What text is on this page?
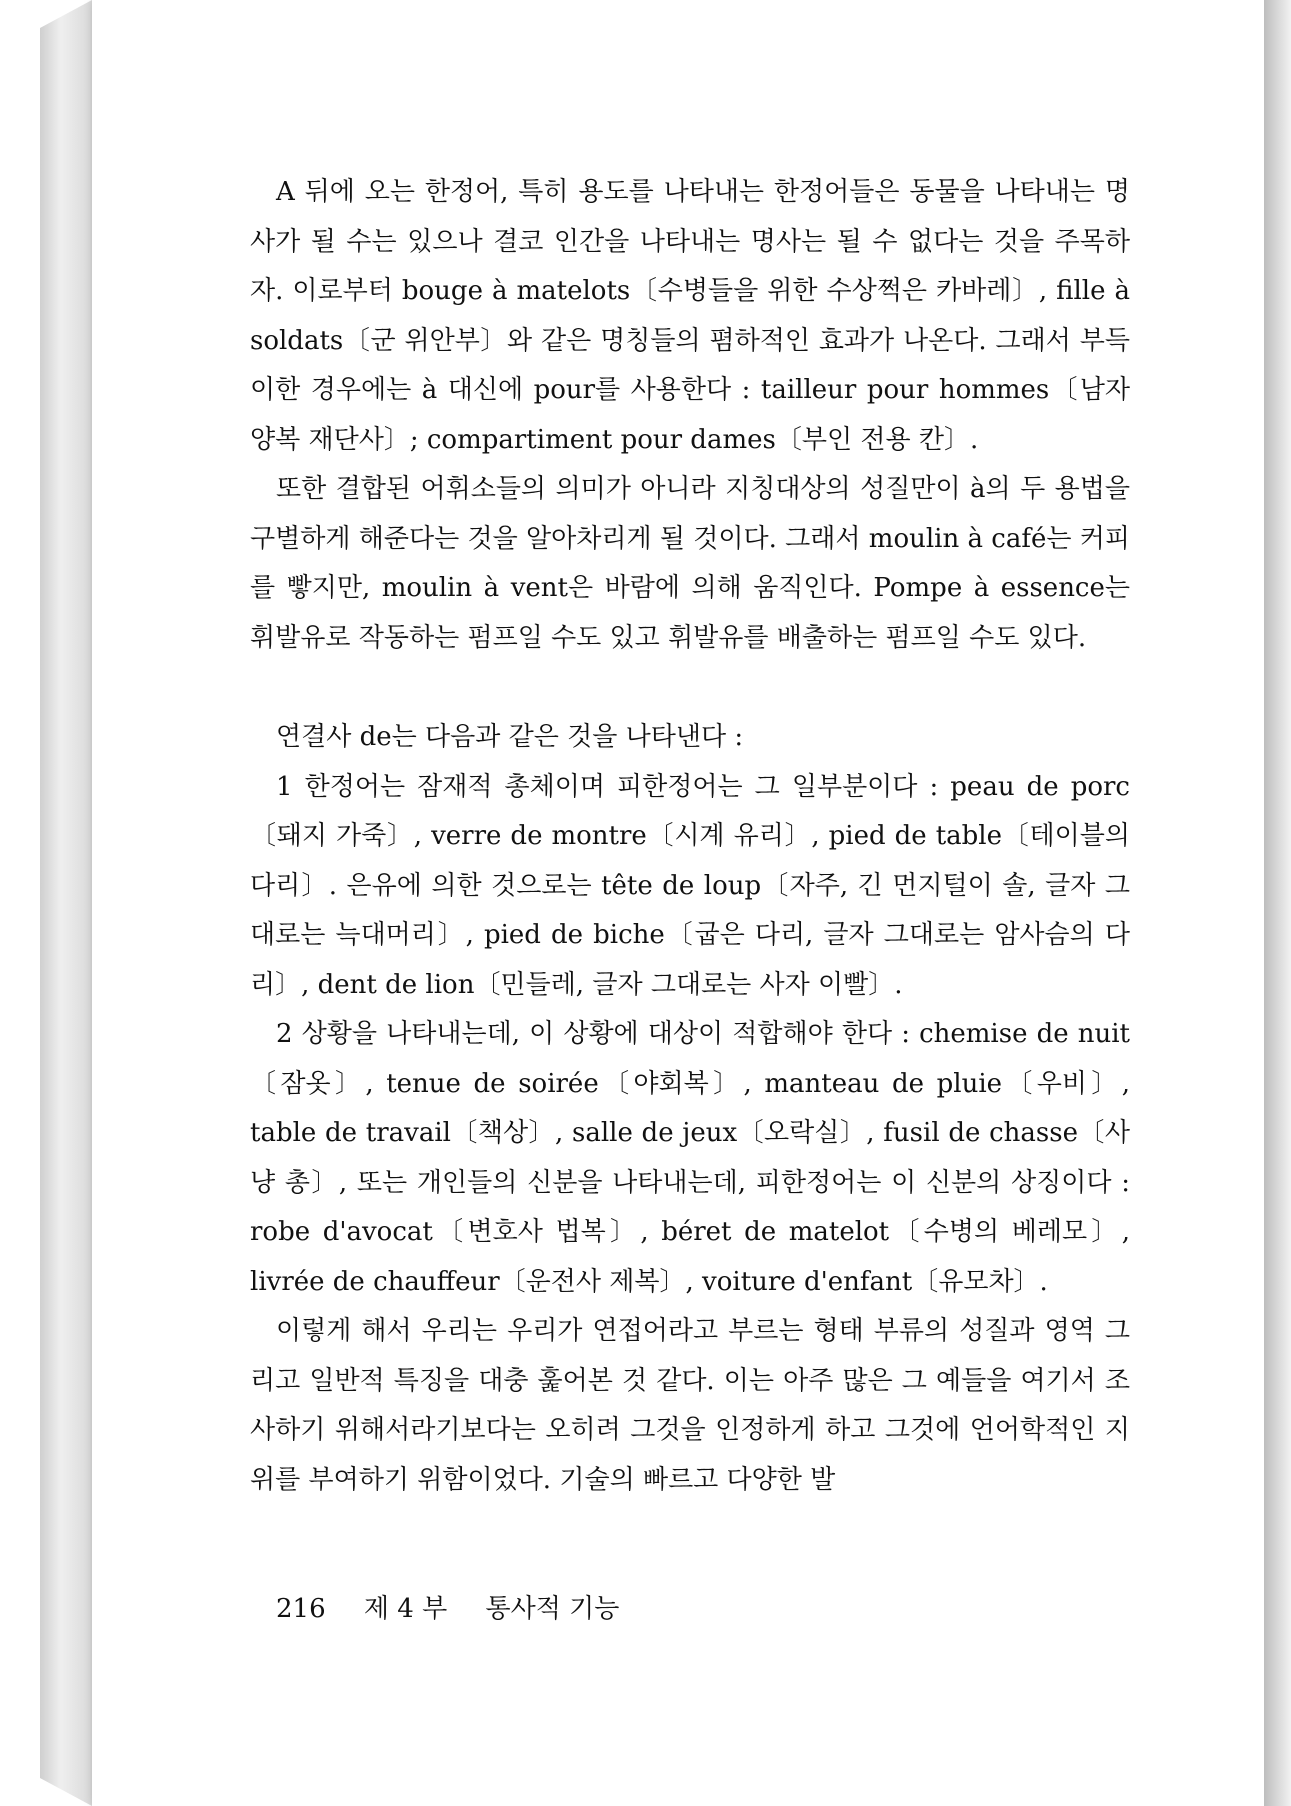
A 뒤에 오는 한정어, 특히 용도를 나타내는 한정어들은 동물을 나타내는 명사가 될 수는 있으나 결코 인간을 나타내는 명사는 될 수 없다는 것을 주목하자. 이로부터 bouge à matelots〔수병들을 위한 수상쩍은 카바레〕, fille à soldats〔군 위안부〕와 같은 명칭들의 폄하적인 효과가 나온다. 그래서 부득이한 경우에는 à 대신에 pour를 사용한다 : tailleur pour hommes〔남자양복 재단사〕; compartiment pour dames〔부인 전용 칸〕.

또한 결합된 어휘소들의 의미가 아니라 지칭대상의 성질만이 à의 두 용법을 구별하게 해준다는 것을 알아차리게 될 것이다. 그래서 moulin à café는 커피를 빻지만, moulin à vent은 바람에 의해 움직인다. Pompe à essence는 휘발유로 작동하는 펌프일 수도 있고 휘발유를 배출하는 펌프일 수도 있다.

연결사 de는 다음과 같은 것을 나타낸다 :

1 한정어는 잠재적 총체이며 피한정어는 그 일부분이다 : peau de porc〔돼지 가죽〕, verre de montre〔시계 유리〕, pied de table〔테이블의 다리〕. 은유에 의한 것으로는 tête de loup〔자주, 긴 먼지털이 솔, 글자 그대로는 늑대머리〕, pied de biche〔굽은 다리, 글자 그대로는 암사슴의 다리〕, dent de lion〔민들레, 글자 그대로는 사자 이빨〕.

2 상황을 나타내는데, 이 상황에 대상이 적합해야 한다 : chemise de nuit〔잠옷〕, tenue de soirée〔야회복〕, manteau de pluie〔우비〕, table de travail〔책상〕, salle de jeux〔오락실〕, fusil de chasse〔사냥 총〕, 또는 개인들의 신분을 나타내는데, 피한정어는 이 신분의 상징이다 : robe d'avocat〔변호사 법복〕, béret de matelot〔수병의 베레모〕, livrée de chauffeur〔운전사 제복〕, voiture d'enfant〔유모차〕.

이렇게 해서 우리는 우리가 연접어라고 부르는 형태 부류의 성질과 영역 그리고 일반적 특징을 대충 훑어본 것 같다. 이는 아주 많은 그 예들을 여기서 조사하기 위해서라기보다는 오히려 그것을 인정하게 하고 그것에 언어학적인 지위를 부여하기 위함이었다. 기술의 빠르고 다양한 발

216 제 4 부 통사적 기능
